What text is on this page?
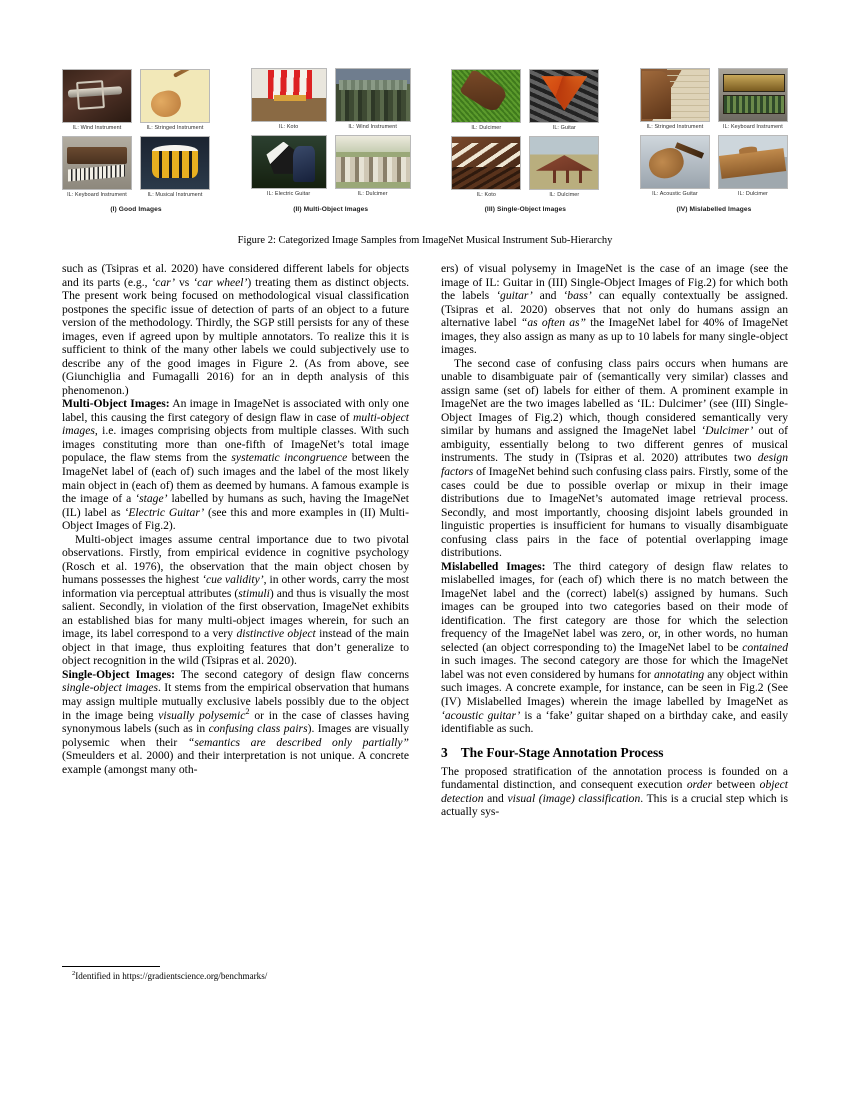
IL: Wind Instrument	IL: Stringed Instrument
IL: Keyboard Instrument	IL: Musical Instrument
(I) Good Images
IL: Koto	IL: Wind Instrument
IL: Electric Guitar	IL: Dulcimer
(II) Multi-Object Images
IL: Dulcimer	IL: Guitar
IL: Koto	IL: Dulcimer
(III) Single-Object Images
IL: Stringed Instrument	IL: Keyboard Instrument
IL: Acoustic Guitar	IL: Dulcimer
(IV) Mislabelled Images
Figure 2: Categorized Image Samples from ImageNet Musical Instrument Sub-Hierarchy

such as (Tsipras et al. 2020) have considered different labels for objects and its parts (e.g., ‘car’ vs ‘car wheel’) treating them as distinct objects. The present work being focused on methodological visual classification postpones the specific issue of detection of parts of an object to a future version of the methodology. Thirdly, the SGP still persists for any of these images, even if agreed upon by multiple annotators. To realize this it is sufficient to think of the many other labels we could subjectively use to describe any of the good images in Figure 2. (As from above, see (Giunchiglia and Fumagalli 2016) for an in depth analysis of this phenomenon.)

Multi-Object Images: An image in ImageNet is associated with only one label, this causing the first category of design flaw in case of multi-object images, i.e. images comprising objects from multiple classes. With such images constituting more than one-fifth of ImageNet’s total image populace, the flaw stems from the systematic incongruence between the ImageNet label of (each of) such images and the label of the most likely main object in (each of) them as deemed by humans. A famous example is the image of a ‘stage’ labelled by humans as such, having the ImageNet (IL) label as ‘Electric Guitar’ (see this and more examples in (II) Multi-Object Images of Fig.2).

Multi-object images assume central importance due to two pivotal observations. Firstly, from empirical evidence in cognitive psychology (Rosch et al. 1976), the observation that the main object chosen by humans possesses the highest ‘cue validity’, in other words, carry the most information via perceptual attributes (stimuli) and thus is visually the most salient. Secondly, in violation of the first observation, ImageNet exhibits an established bias for many multi-object images wherein, for such an image, its label correspond to a very distinctive object instead of the main object in that image, thus exploiting features that don’t generalize to object recognition in the wild (Tsipras et al. 2020).

Single-Object Images: The second category of design flaw concerns single-object images. It stems from the empirical observation that humans may assign multiple mutually exclusive labels possibly due to the object in the image being visually polysemic$^2$ or in the case of classes having synonymous labels (such as in confusing class pairs). Images are visually polysemic when their “semantics are described only partially” (Smeulders et al. 2000) and their interpretation is not unique. A concrete example (amongst many oth-

$^2$Identified in https://gradientscience.org/benchmarks/

ers) of visual polysemy in ImageNet is the case of an image (see the image of IL: Guitar in (III) Single-Object Images of Fig.2) for which both the labels ‘guitar’ and ‘bass’ can equally contextually be assigned. (Tsipras et al. 2020) observes that not only do humans assign an alternative label “as often as” the ImageNet label for 40% of ImageNet images, they also assign as many as up to 10 labels for many single-object images.

The second case of confusing class pairs occurs when humans are unable to disambiguate pair of (semantically very similar) classes and assign same (set of) labels for either of them. A prominent example in ImageNet are the two images labelled as ‘IL: Dulcimer’ (see (III) Single-Object Images of Fig.2) which, though considered semantically very similar by humans and assigned the ImageNet label ‘Dulcimer’ out of ambiguity, essentially belong to two different genres of musical instruments. The study in (Tsipras et al. 2020) attributes two design factors of ImageNet behind such confusing class pairs. Firstly, some of the cases could be due to possible overlap or mixup in their image distributions due to ImageNet’s automated image retrieval process. Secondly, and most importantly, choosing disjoint labels grounded in linguistic properties is insufficient for humans to visually disambiguate confusing class pairs in the face of potential overlapping image distributions.

Mislabelled Images: The third category of design flaw relates to mislabelled images, for (each of) which there is no match between the ImageNet label and the (correct) label(s) assigned by humans. Such images can be grouped into two categories based on their mode of identification. The first category are those for which the selection frequency of the ImageNet label was zero, or, in other words, no human selected (an object corresponding to) the ImageNet label to be contained in such images. The second category are those for which the ImageNet label was not even considered by humans for annotating any object within such images. A concrete example, for instance, can be seen in Fig.2 (See (IV) Mislabelled Images) wherein the image labelled by ImageNet as ‘acoustic guitar’ is a ‘fake’ guitar shaped on a birthday cake, and easily identifiable as such.

3 The Four-Stage Annotation Process

The proposed stratification of the annotation process is founded on a fundamental distinction, and consequent execution order between object detection and visual (image) classification. This is a crucial step which is actually sys-
